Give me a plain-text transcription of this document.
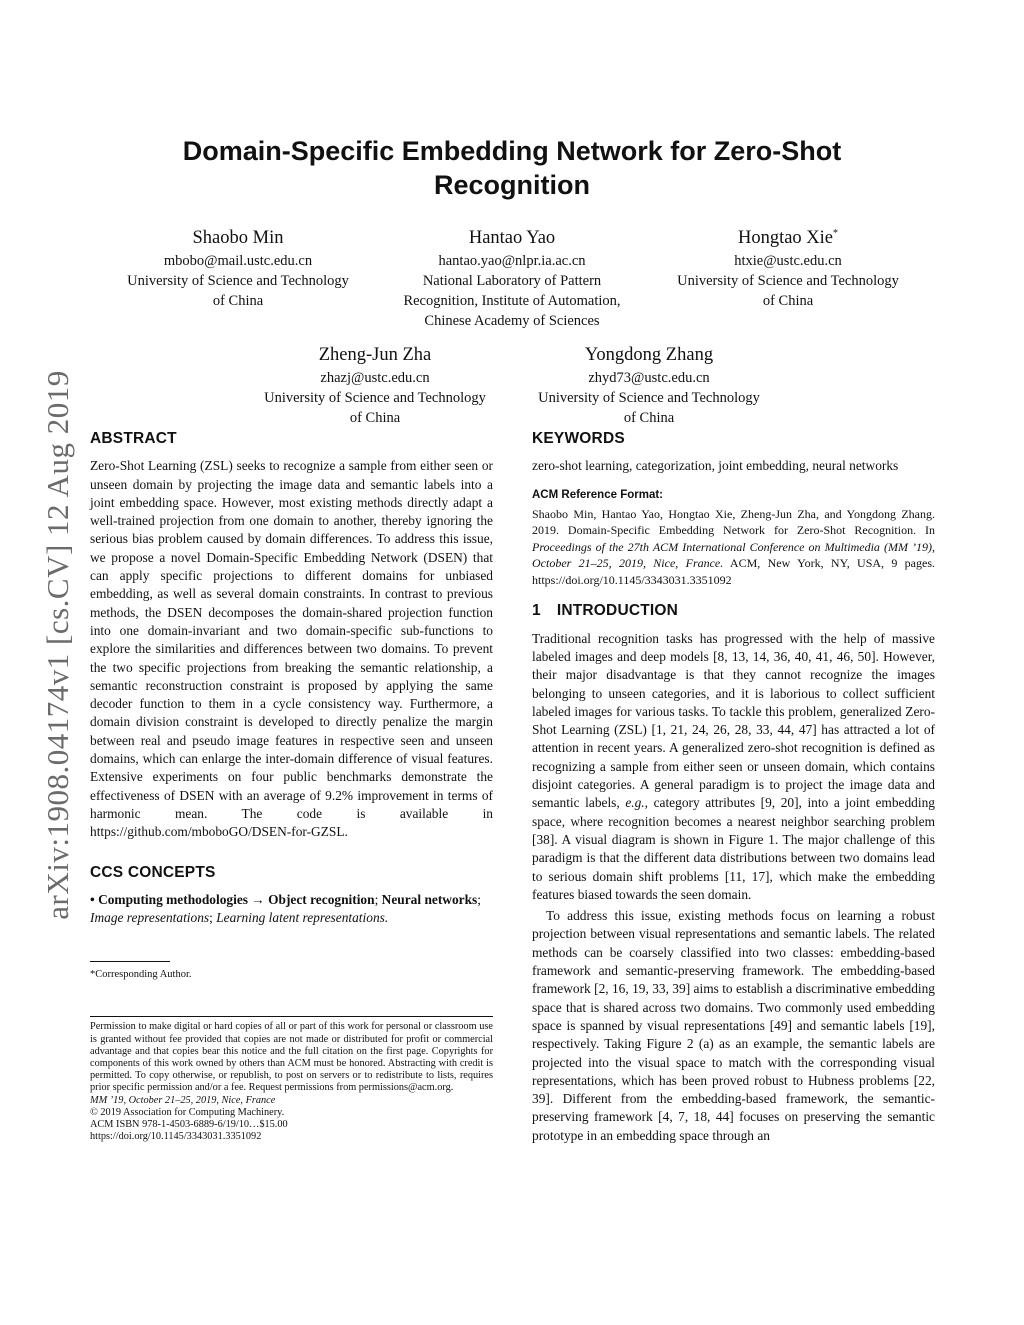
arXiv:1908.04174v1 [cs.CV] 12 Aug 2019
Domain-Specific Embedding Network for Zero-Shot Recognition
Shaobo Min
mbobo@mail.ustc.edu.cn
University of Science and Technology
of China
Hantao Yao
hantao.yao@nlpr.ia.ac.cn
National Laboratory of Pattern
Recognition, Institute of Automation,
Chinese Academy of Sciences
Hongtao Xie*
htxie@ustc.edu.cn
University of Science and Technology
of China
Zheng-Jun Zha
zhazj@ustc.edu.cn
University of Science and Technology
of China
Yongdong Zhang
zhyd73@ustc.edu.cn
University of Science and Technology
of China
ABSTRACT

Zero-Shot Learning (ZSL) seeks to recognize a sample from either seen or unseen domain by projecting the image data and semantic labels into a joint embedding space. However, most existing methods directly adapt a well-trained projection from one domain to another, thereby ignoring the serious bias problem caused by domain differences. To address this issue, we propose a novel Domain-Specific Embedding Network (DSEN) that can apply specific projections to different domains for unbiased embedding, as well as several domain constraints. In contrast to previous methods, the DSEN decomposes the domain-shared projection function into one domain-invariant and two domain-specific sub-functions to explore the similarities and differences between two domains. To prevent the two specific projections from breaking the semantic relationship, a semantic reconstruction constraint is proposed by applying the same decoder function to them in a cycle consistency way. Furthermore, a domain division constraint is developed to directly penalize the margin between real and pseudo image features in respective seen and unseen domains, which can enlarge the inter-domain difference of visual features. Extensive experiments on four public benchmarks demonstrate the effectiveness of DSEN with an average of 9.2% improvement in terms of harmonic mean. The code is available in https://github.com/mboboGO/DSEN-for-GZSL.

CCS CONCEPTS

• Computing methodologies → Object recognition; Neural networks; Image representations; Learning latent representations.

*Corresponding Author.
Permission to make digital or hard copies of all or part of this work for personal or classroom use is granted without fee provided that copies are not made or distributed for profit or commercial advantage and that copies bear this notice and the full citation on the first page. Copyrights for components of this work owned by others than ACM must be honored. Abstracting with credit is permitted. To copy otherwise, or republish, to post on servers or to redistribute to lists, requires prior specific permission and/or a fee. Request permissions from permissions@acm.org.
MM ’19, October 21–25, 2019, Nice, France
© 2019 Association for Computing Machinery.
ACM ISBN 978-1-4503-6889-6/19/10…$15.00
https://doi.org/10.1145/3343031.3351092
KEYWORDS

zero-shot learning, categorization, joint embedding, neural networks

ACM Reference Format:

Shaobo Min, Hantao Yao, Hongtao Xie, Zheng-Jun Zha, and Yongdong Zhang. 2019. Domain-Specific Embedding Network for Zero-Shot Recognition. In Proceedings of the 27th ACM International Conference on Multimedia (MM ’19), October 21–25, 2019, Nice, France. ACM, New York, NY, USA, 9 pages. https://doi.org/10.1145/3343031.3351092

1 INTRODUCTION

Traditional recognition tasks has progressed with the help of massive labeled images and deep models [8, 13, 14, 36, 40, 41, 46, 50]. However, their major disadvantage is that they cannot recognize the images belonging to unseen categories, and it is laborious to collect sufficient labeled images for various tasks. To tackle this problem, generalized Zero-Shot Learning (ZSL) [1, 21, 24, 26, 28, 33, 44, 47] has attracted a lot of attention in recent years. A generalized zero-shot recognition is defined as recognizing a sample from either seen or unseen domain, which contains disjoint categories. A general paradigm is to project the image data and semantic labels, e.g., category attributes [9, 20], into a joint embedding space, where recognition becomes a nearest neighbor searching problem [38]. A visual diagram is shown in Figure 1. The major challenge of this paradigm is that the different data distributions between two domains lead to serious domain shift problems [11, 17], which make the embedding features biased towards the seen domain.

To address this issue, existing methods focus on learning a robust projection between visual representations and semantic labels. The related methods can be coarsely classified into two classes: embedding-based framework and semantic-preserving framework. The embedding-based framework [2, 16, 19, 33, 39] aims to establish a discriminative embedding space that is shared across two domains. Two commonly used embedding space is spanned by visual representations [49] and semantic labels [19], respectively. Taking Figure 2 (a) as an example, the semantic labels are projected into the visual space to match with the corresponding visual representations, which has been proved robust to Hubness problems [22, 39]. Different from the embedding-based framework, the semantic-preserving framework [4, 7, 18, 44] focuses on preserving the semantic prototype in an embedding space through an
